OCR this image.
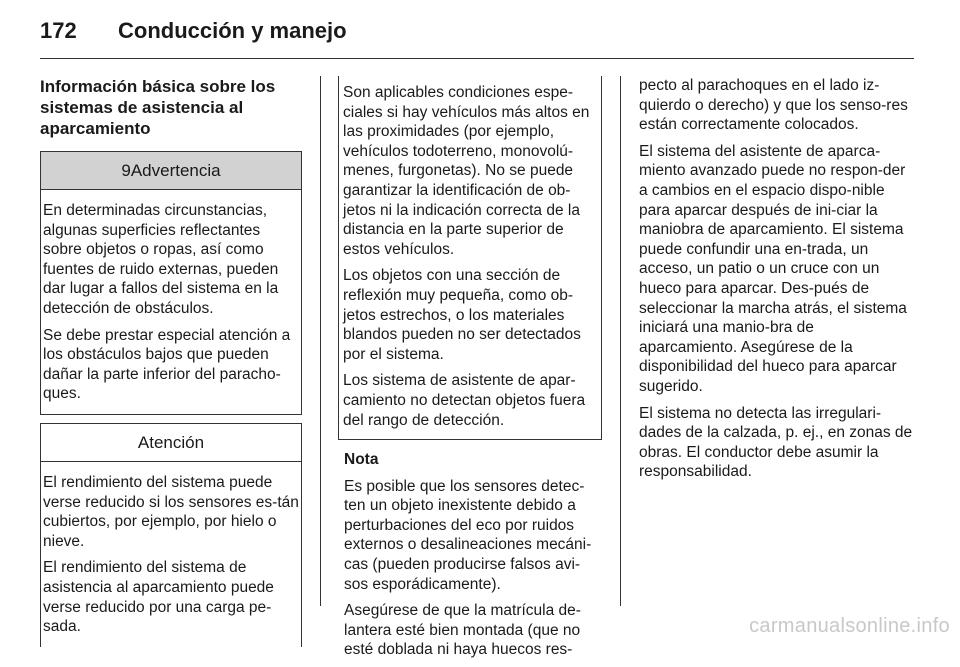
172 Conducción y manejo
Información básica sobre los sistemas de asistencia al aparcamiento
9Advertencia

En determinadas circunstancias, algunas superficies reflectantes sobre objetos o ropas, así como fuentes de ruido externas, pueden dar lugar a fallos del sistema en la detección de obstáculos.

Se debe prestar especial atención a los obstáculos bajos que pueden dañar la parte inferior del paracho-ques.

Atención

El rendimiento del sistema puede verse reducido si los sensores es-tán cubiertos, por ejemplo, por hielo o nieve.

El rendimiento del sistema de asistencia al aparcamiento puede verse reducido por una carga pe-sada.

Son aplicables condiciones espe-ciales si hay vehículos más altos en las proximidades (por ejemplo, vehículos todoterreno, monovolú-menes, furgonetas). No se puede garantizar la identificación de ob-jetos ni la indicación correcta de la distancia en la parte superior de estos vehículos.

Los objetos con una sección de reflexión muy pequeña, como ob-jetos estrechos, o los materiales blandos pueden no ser detectados por el sistema.

Los sistema de asistente de apar-camiento no detectan objetos fuera del rango de detección.

Nota

Es posible que los sensores detec-ten un objeto inexistente debido a perturbaciones del eco por ruidos externos o desalineaciones mecáni-cas (pueden producirse falsos avi-sos esporádicamente).

Asegúrese de que la matrícula de-lantera esté bien montada (que no esté doblada ni haya huecos res-

pecto al parachoques en el lado iz-quierdo o derecho) y que los senso-res están correctamente colocados.

El sistema del asistente de aparca-miento avanzado puede no respon-der a cambios en el espacio dispo-nible para aparcar después de ini-ciar la maniobra de aparcamiento. El sistema puede confundir una en-trada, un acceso, un patio o un cruce con un hueco para aparcar. Des-pués de seleccionar la marcha atrás, el sistema iniciará una manio-bra de aparcamiento. Asegúrese de la disponibilidad del hueco para aparcar sugerido.

El sistema no detecta las irregulari-dades de la calzada, p. ej., en zonas de obras. El conductor debe asumir la responsabilidad.

carmanualsonline.info
